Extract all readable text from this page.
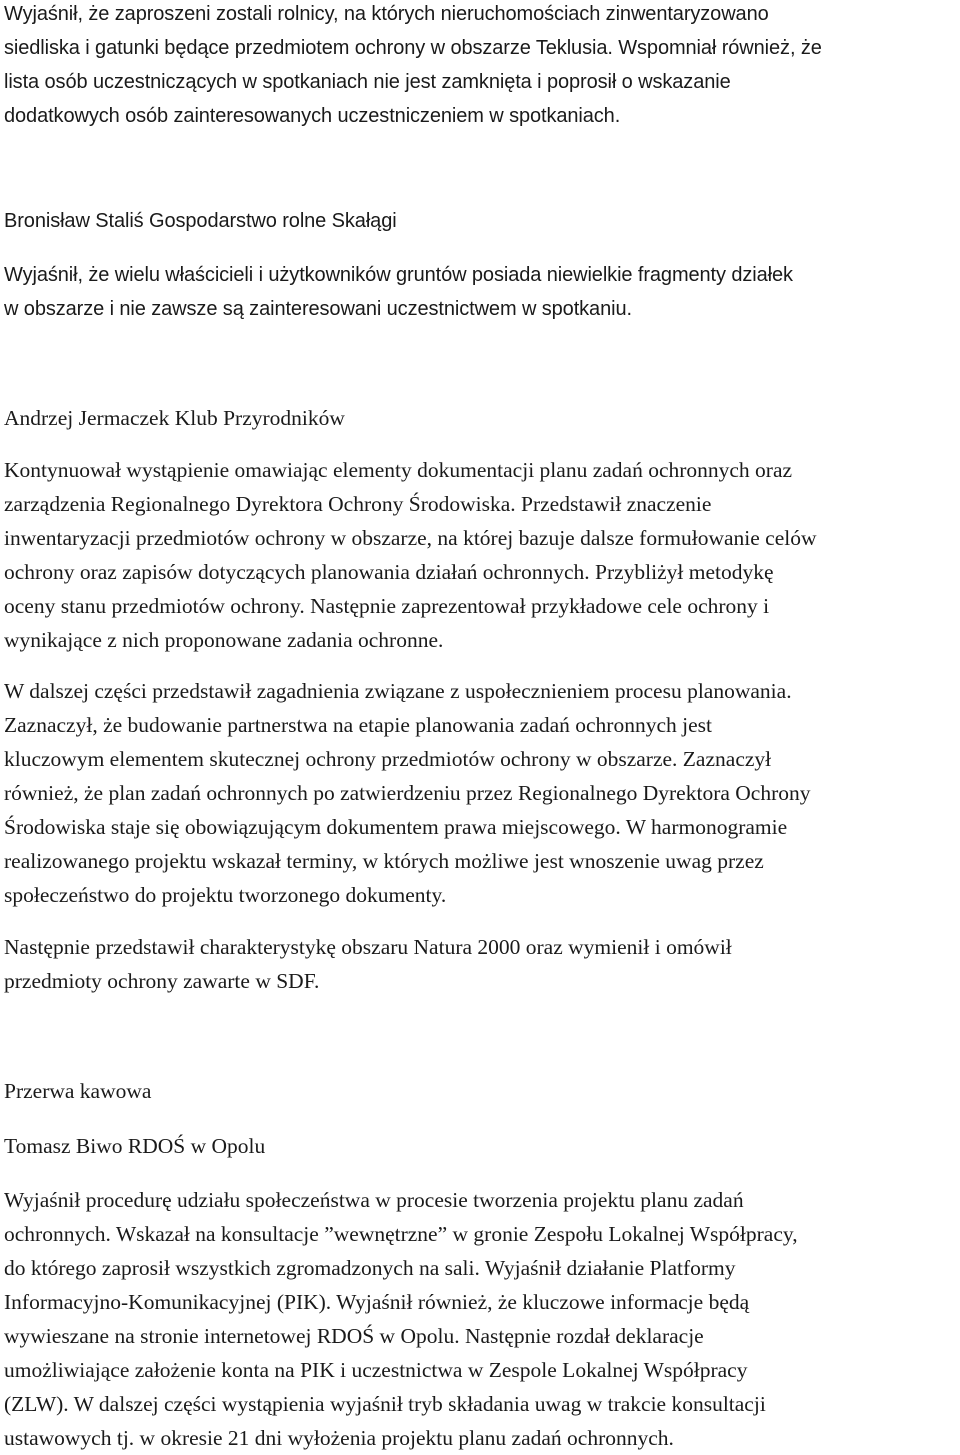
Wyjaśnił, że zaproszeni zostali rolnicy, na których nieruchomościach zinwentaryzowano
siedliska i gatunki będące przedmiotem ochrony w obszarze Teklusia. Wspomniał również, że
lista osób uczestniczących w spotkaniach nie jest zamknięta i poprosił o wskazanie
dodatkowych osób zainteresowanych uczestniczeniem w spotkaniach.
Bronisław Staliś Gospodarstwo rolne Skałągi
Wyjaśnił, że wielu właścicieli i użytkowników gruntów posiada niewielkie fragmenty działek
w obszarze i nie zawsze są zainteresowani uczestnictwem w spotkaniu.
Andrzej Jermaczek Klub Przyrodników
Kontynuował wystąpienie omawiając elementy dokumentacji planu zadań ochronnych oraz
zarządzenia Regionalnego Dyrektora Ochrony Środowiska. Przedstawił znaczenie
inwentaryzacji przedmiotów ochrony w obszarze, na której bazuje dalsze formułowanie celów
ochrony oraz zapisów dotyczących planowania działań ochronnych. Przybliżył metodykę
oceny stanu przedmiotów ochrony. Następnie zaprezentował przykładowe cele ochrony i
wynikające z nich proponowane zadania ochronne.
W dalszej części przedstawił zagadnienia związane z uspołecznieniem procesu planowania.
Zaznaczył, że budowanie partnerstwa na etapie planowania zadań ochronnych jest
kluczowym elementem skutecznej ochrony przedmiotów ochrony w obszarze. Zaznaczył
również, że plan zadań ochronnych po zatwierdzeniu przez Regionalnego Dyrektora Ochrony
Środowiska staje się obowiązującym dokumentem prawa miejscowego. W harmonogramie
realizowanego projektu wskazał terminy, w których możliwe jest wnoszenie uwag przez
społeczeństwo do projektu tworzonego dokumenty.
Następnie przedstawił charakterystykę obszaru Natura 2000 oraz wymienił i omówił
przedmioty ochrony zawarte w SDF.
Przerwa kawowa
Tomasz Biwo RDOŚ w Opolu
Wyjaśnił procedurę udziału społeczeństwa w procesie tworzenia projektu planu zadań
ochronnych. Wskazał na konsultacje ”wewnętrzne” w gronie Zespołu Lokalnej Współpracy,
do którego zaprosił wszystkich zgromadzonych na sali. Wyjaśnił działanie Platformy
Informacyjno-Komunikacyjnej (PIK). Wyjaśnił również, że kluczowe informacje będą
wywieszane na stronie internetowej RDOŚ w Opolu. Następnie rozdał deklaracje
umożliwiające założenie konta na PIK i uczestnictwa w Zespole Lokalnej Współpracy
(ZLW). W dalszej części wystąpienia wyjaśnił tryb składania uwag w trakcie konsultacji
ustawowych tj. w okresie 21 dni wyłożenia projektu planu zadań ochronnych.
